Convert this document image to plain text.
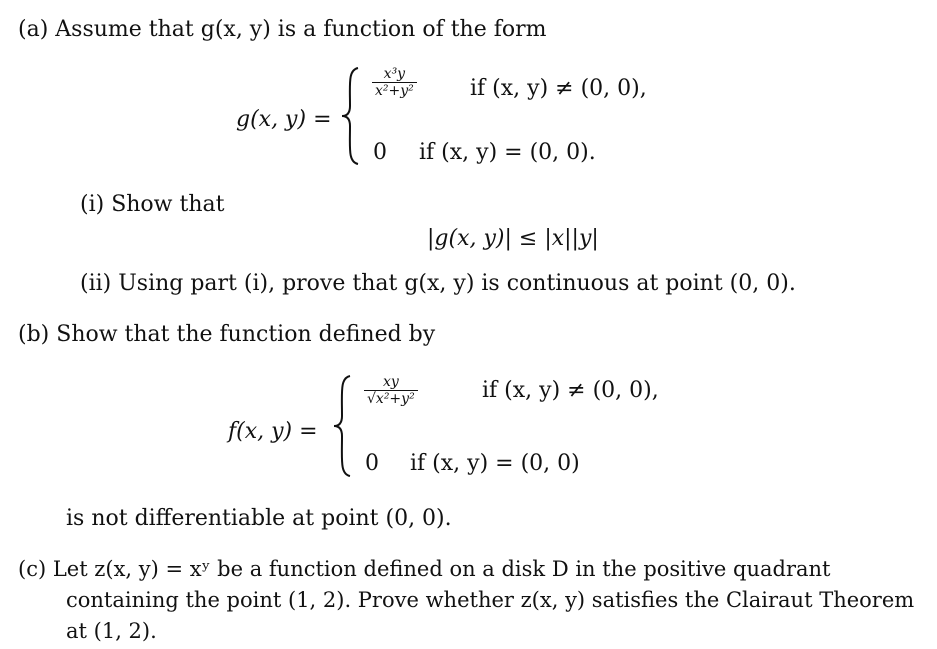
(a) Assume that g(x, y) is a function of the form
g(x, y) =
x³y
x²+y²	if (x, y) ≠ (0, 0),
0 if (x, y) = (0, 0).
(i) Show that
|g(x, y)| ≤ |x||y|
(ii) Using part (i), prove that g(x, y) is continuous at point (0, 0).
(b) Show that the function defined by
f(x, y) =
xy
√x²+y²	if (x, y) ≠ (0, 0),
0 if (x, y) = (0, 0)
is not differentiable at point (0, 0).
(c) Let z(x, y) = xʸ be a function defined on a disk D in the positive quadrant
containing the point (1, 2). Prove whether z(x, y) satisfies the Clairaut Theorem
at (1, 2).
